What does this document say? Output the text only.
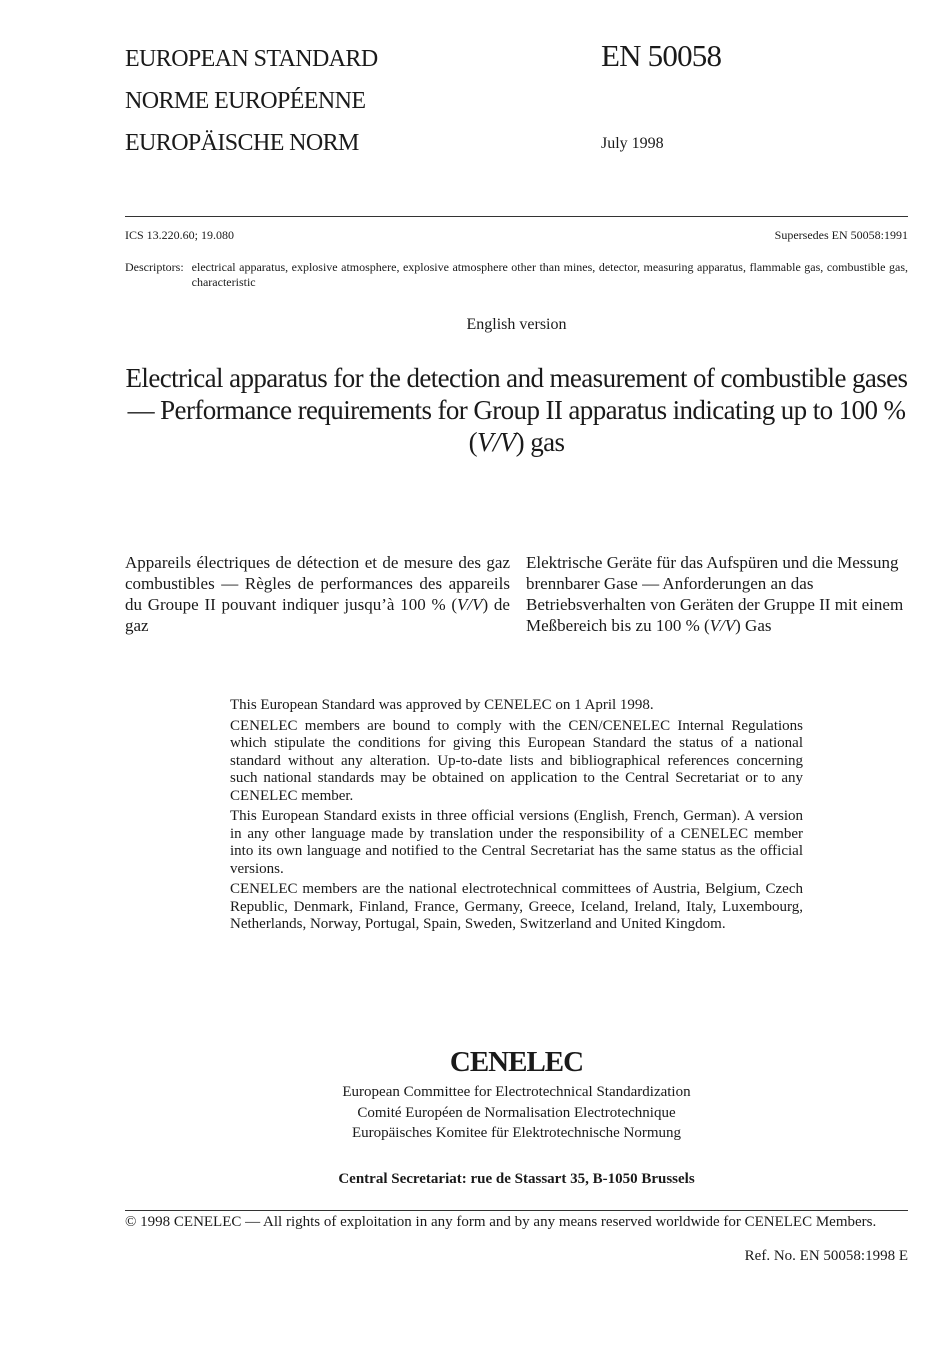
EUROPEAN STANDARD
NORME EUROPÉENNE
EUROPÄISCHE NORM
EN 50058
July 1998
ICS 13.220.60; 19.080	Supersedes EN 50058:1991
Descriptors: electrical apparatus, explosive atmosphere, explosive atmosphere other than mines, detector, measuring apparatus, flammable gas, combustible gas, characteristic
English version
Electrical apparatus for the detection and measurement of combustible gases — Performance requirements for Group II apparatus indicating up to 100 % (V/V) gas
Appareils électriques de détection et de mesure des gaz combustibles — Règles de performances des appareils du Groupe II pouvant indiquer jusqu’à 100 % (V/V) de gaz
Elektrische Geräte für das Aufspüren und die Messung brennbarer Gase — Anforderungen an das Betriebsverhalten von Geräten der Gruppe II mit einem Meßbereich bis zu 100 % (V/V) Gas

This European Standard was approved by CENELEC on 1 April 1998.

CENELEC members are bound to comply with the CEN/CENELEC Internal Regulations which stipulate the conditions for giving this European Standard the status of a national standard without any alteration. Up-to-date lists and bibliographical references concerning such national standards may be obtained on application to the Central Secretariat or to any CENELEC member.

This European Standard exists in three official versions (English, French, German). A version in any other language made by translation under the responsibility of a CENELEC member into its own language and notified to the Central Secretariat has the same status as the official versions.

CENELEC members are the national electrotechnical committees of Austria, Belgium, Czech Republic, Denmark, Finland, France, Germany, Greece, Iceland, Ireland, Italy, Luxembourg, Netherlands, Norway, Portugal, Spain, Sweden, Switzerland and United Kingdom.

CENELEC
European Committee for Electrotechnical Standardization
Comité Européen de Normalisation Electrotechnique
Europäisches Komitee für Elektrotechnische Normung
Central Secretariat: rue de Stassart 35, B-1050 Brussels
© 1998 CENELEC — All rights of exploitation in any form and by any means reserved worldwide for CENELEC Members.
Ref. No. EN 50058:1998 E
